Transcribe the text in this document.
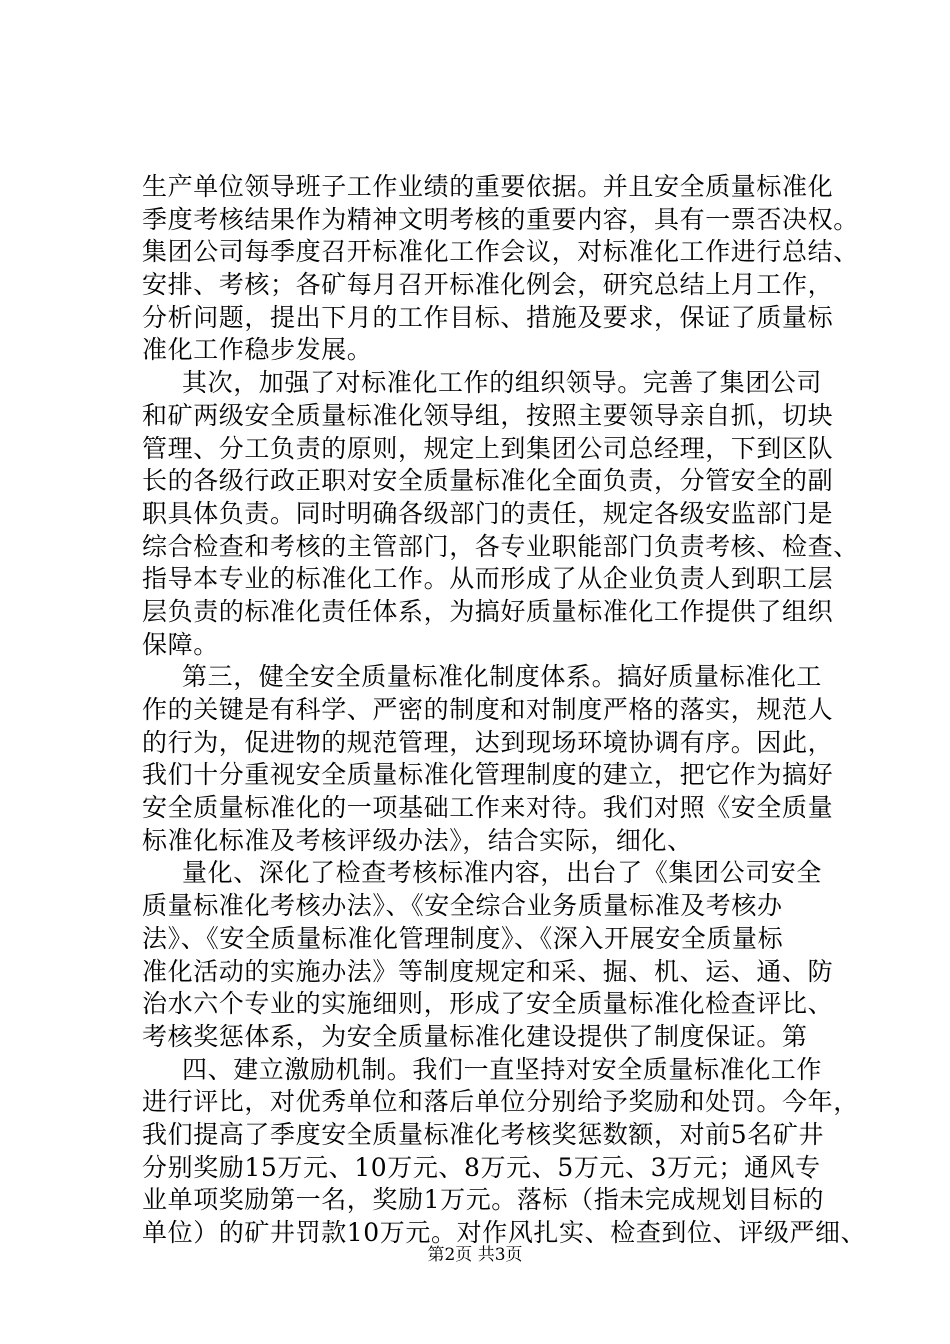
生产单位领导班子工作业绩的重要依据。并且安全质量标准化
季度考核结果作为精神文明考核的重要内容，具有一票否决权。
集团公司每季度召开标准化工作会议，对标准化工作进行总结、
安排、考核；各矿每月召开标准化例会，研究总结上月工作，
分析问题，提出下月的工作目标、措施及要求，保证了质量标
准化工作稳步发展。
其次，加强了对标准化工作的组织领导。完善了集团公司
和矿两级安全质量标准化领导组，按照主要领导亲自抓，切块
管理、分工负责的原则，规定上到集团公司总经理，下到区队
长的各级行政正职对安全质量标准化全面负责，分管安全的副
职具体负责。同时明确各级部门的责任，规定各级安监部门是
综合检查和考核的主管部门，各专业职能部门负责考核、检查、
指导本专业的标准化工作。从而形成了从企业负责人到职工层
层负责的标准化责任体系，为搞好质量标准化工作提供了组织
保障。
第三，健全安全质量标准化制度体系。搞好质量标准化工
作的关键是有科学、严密的制度和对制度严格的落实，规范人
的行为，促进物的规范管理，达到现场环境协调有序。因此，
我们十分重视安全质量标准化管理制度的建立，把它作为搞好
安全质量标准化的一项基础工作来对待。我们对照《安全质量
标准化标准及考核评级办法》，结合实际，细化、
量化、深化了检查考核标准内容，出台了《集团公司安全
质量标准化考核办法》、《安全综合业务质量标准及考核办
法》、《安全质量标准化管理制度》、《深入开展安全质量标
准化活动的实施办法》等制度规定和采、掘、机、运、通、防
治水六个专业的实施细则，形成了安全质量标准化检查评比、
考核奖惩体系，为安全质量标准化建设提供了制度保证。第
四、建立激励机制。我们一直坚持对安全质量标准化工作
进行评比，对优秀单位和落后单位分别给予奖励和处罚。今年，
我们提高了季度安全质量标准化考核奖惩数额，对前5名矿井
分别奖励15万元、10万元、8万元、5万元、3万元；通风专
业单项奖励第一名，奖励1万元。落标（指未完成规划目标的
单位）的矿井罚款10万元。对作风扎实、检查到位、评级严细、
第2页 共3页
